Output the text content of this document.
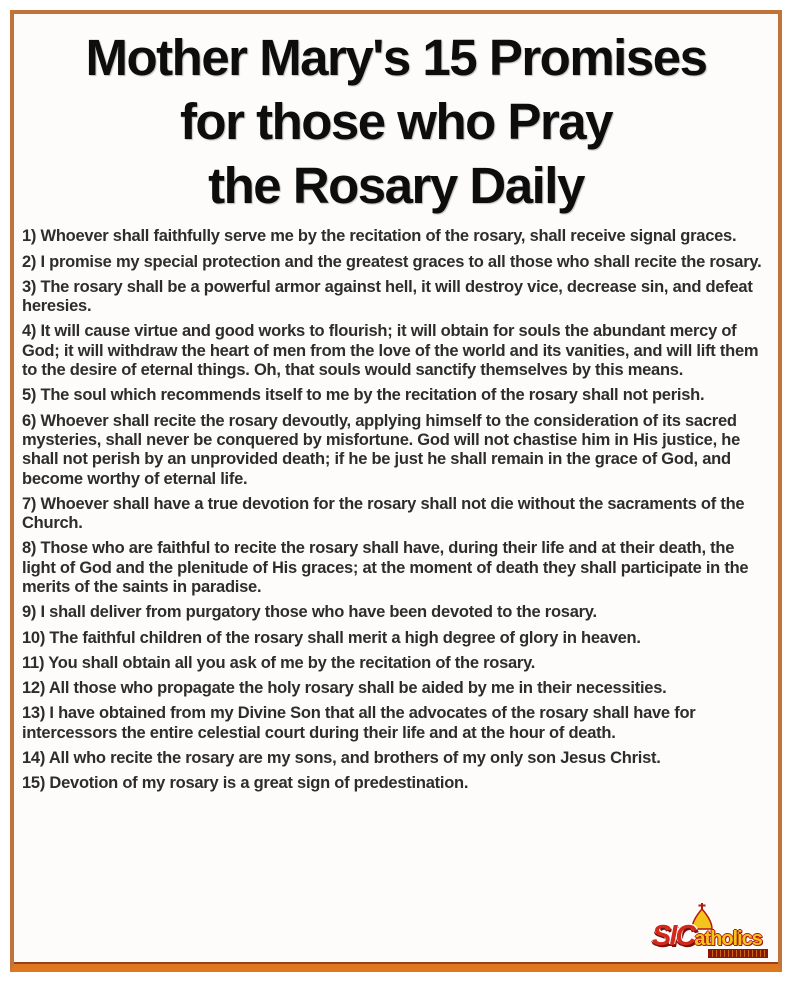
Mother Mary's 15 Promises
for those who Pray
the Rosary Daily

1) Whoever shall faithfully serve me by the recitation of the rosary, shall receive signal graces.

2) I promise my special protection and the greatest graces to all those who shall recite the rosary.

3) The rosary shall be a powerful armor against hell, it will destroy vice, decrease sin, and defeat heresies.

4) It will cause virtue and good works to flourish; it will obtain for souls the abundant mercy of God; it will withdraw the heart of men from the love of the world and its vanities, and will lift them to the desire of eternal things. Oh, that souls would sanctify themselves by this means.

5) The soul which recommends itself to me by the recitation of the rosary shall not perish.

6) Whoever shall recite the rosary devoutly, applying himself to the consideration of its sacred mysteries, shall never be conquered by misfortune. God will not chastise him in His justice, he shall not perish by an unprovided death; if he be just he shall remain in the grace of God, and become worthy of eternal life.

7) Whoever shall have a true devotion for the rosary shall not die without the sacraments of the Church.

8) Those who are faithful to recite the rosary shall have, during their life and at their death, the light of God and the plenitude of His graces; at the moment of death they shall participate in the merits of the saints in paradise.

9) I shall deliver from purgatory those who have been devoted to the rosary.

10) The faithful children of the rosary shall merit a high degree of glory in heaven.

11) You shall obtain all you ask of me by the recitation of the rosary.

12) All those who propagate the holy rosary shall be aided by me in their necessities.

13) I have obtained from my Divine Son that all the advocates of the rosary shall have for intercessors the entire celestial court during their life and at the hour of death.

14) All who recite the rosary are my sons, and brothers of my only son Jesus Christ.

15) Devotion of my rosary is a great sign of predestination.

SICatholics
